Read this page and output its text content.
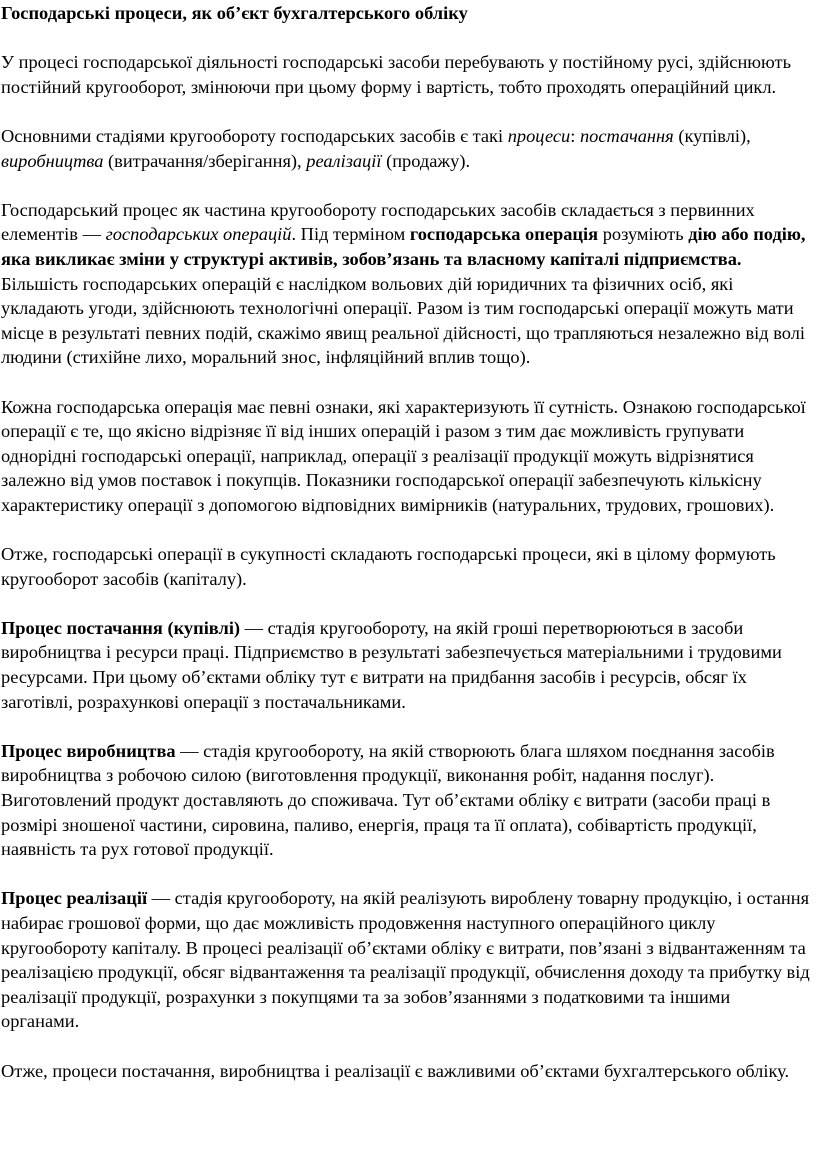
Господарські процеси, як об’єкт бухгалтерського обліку
У процесі господарської діяльності господарські засоби перебувають у постійному русі, здійснюють постійний кругооборот, змінюючи при цьому форму і вартість, тобто проходять операційний цикл.
Основними стадіями кругообороту господарських засобів є такі процеси: постачання (купівлі), виробництва (витрачання/зберігання), реалізації (продажу).
Господарський процес як частина кругообороту господарських засобів складається з первинних елементів — господарських операцій. Під терміном господарська операція розуміють дію або подію, яка викликає зміни у структурі активів, зобов’язань та власному капіталі підприємства. Більшість господарських операцій є наслідком вольових дій юридичних та фізичних осіб, які укладають угоди, здійснюють технологічні операції. Разом із тим господарські операції можуть мати місце в результаті певних подій, скажімо явищ реальної дійсності, що трапляються незалежно від волі людини (стихійне лихо, моральний знос, інфляційний вплив тощо).
Кожна господарська операція має певні ознаки, які характеризують її сутність. Ознакою господарської операції є те, що якісно відрізняє її від інших операцій і разом з тим дає можливість групувати однорідні господарські операції, наприклад, операції з реалізації продукції можуть відрізнятися залежно від умов поставок і покупців. Показники господарської операції забезпечують кількісну характеристику операції з допомогою відповідних вимірників (натуральних, трудових, грошових).
Отже, господарські операції в сукупності складають господарські процеси, які в цілому формують кругооборот засобів (капіталу).
Процес постачання (купівлі) — стадія кругообороту, на якій гроші перетворюються в засоби виробництва і ресурси праці. Підприємство в результаті забезпечується матеріальними і трудовими ресурсами. При цьому об’єктами обліку тут є витрати на придбання засобів і ресурсів, обсяг їх заготівлі, розрахункові операції з постачальниками.
Процес виробництва — стадія кругообороту, на якій створюють блага шляхом поєднання засобів виробництва з робочою силою (виготовлення продукції, виконання робіт, надання послуг). Виготовлений продукт доставляють до споживача. Тут об’єктами обліку є витрати (засоби праці в розмірі зношеної частини, сировина, паливо, енергія, праця та її оплата), собівартість продукції, наявність та рух готової продукції.
Процес реалізації — стадія кругообороту, на якій реалізують вироблену товарну продукцію, і остання набирає грошової форми, що дає можливість продовження наступного операційного циклу кругообороту капіталу. В процесі реалізації об’єктами обліку є витрати, пов’язані з відвантаженням та реалізацією продукції, обсяг відвантаження та реалізації продукції, обчислення доходу та прибутку від реалізації продукції, розрахунки з покупцями та за зобов’язаннями з податковими та іншими органами.
Отже, процеси постачання, виробництва і реалізації є важливими об’єктами бухгалтерського обліку.
